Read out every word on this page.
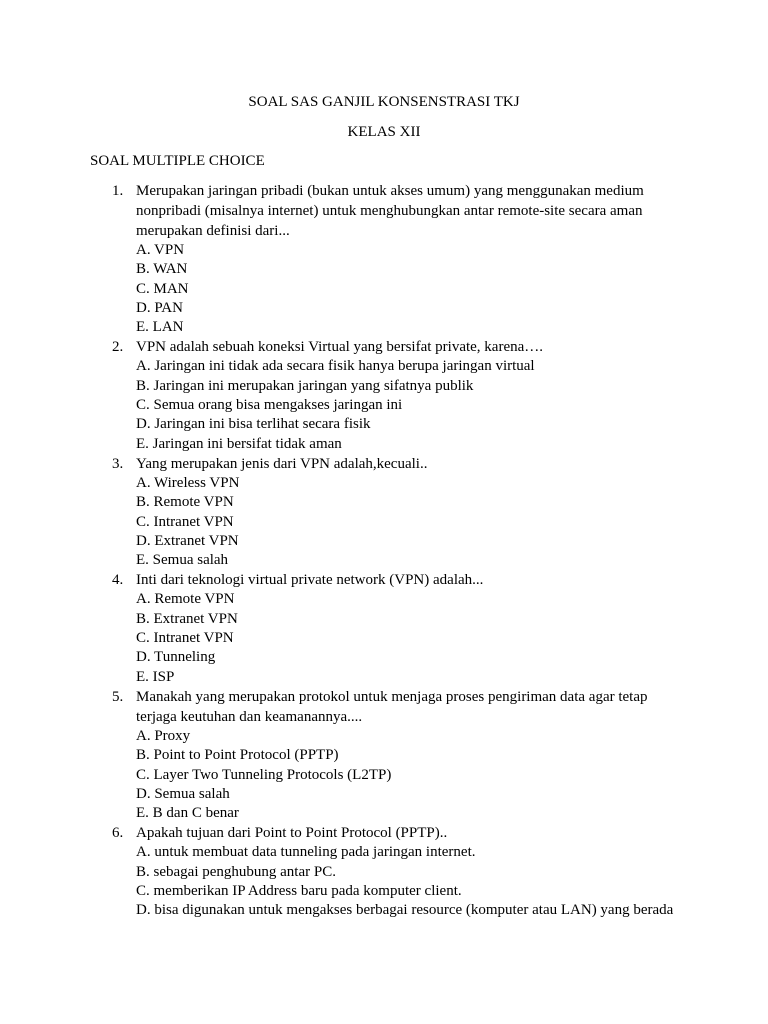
SOAL SAS GANJIL KONSENSTRASI TKJ
KELAS XII
SOAL MULTIPLE CHOICE
1. Merupakan jaringan pribadi (bukan untuk akses umum) yang menggunakan medium nonpribadi (misalnya internet) untuk menghubungkan antar remote-site secara aman merupakan definisi dari...
A. VPN
B. WAN
C. MAN
D. PAN
E. LAN
2. VPN adalah sebuah koneksi Virtual yang bersifat private, karena….
A. Jaringan ini tidak ada secara fisik hanya berupa jaringan virtual
B. Jaringan ini merupakan jaringan yang sifatnya publik
C. Semua orang bisa mengakses jaringan ini
D. Jaringan ini bisa terlihat secara fisik
E. Jaringan ini bersifat tidak aman
3. Yang merupakan jenis dari VPN adalah,kecuali..
A. Wireless VPN
B. Remote VPN
C. Intranet VPN
D. Extranet VPN
E. Semua salah
4. Inti dari teknologi virtual private network (VPN) adalah...
A. Remote VPN
B. Extranet VPN
C. Intranet VPN
D. Tunneling
E. ISP
5. Manakah yang merupakan protokol untuk menjaga proses pengiriman data agar tetap terjaga keutuhan dan keamanannya....
A. Proxy
B. Point to Point Protocol (PPTP)
C. Layer Two Tunneling Protocols (L2TP)
D. Semua salah
E. B dan C benar
6. Apakah tujuan dari Point to Point Protocol (PPTP)..
A. untuk membuat data tunneling pada jaringan internet.
B. sebagai penghubung antar PC.
C. memberikan IP Address baru pada komputer client.
D. bisa digunakan untuk mengakses berbagai resource (komputer atau LAN) yang berada
